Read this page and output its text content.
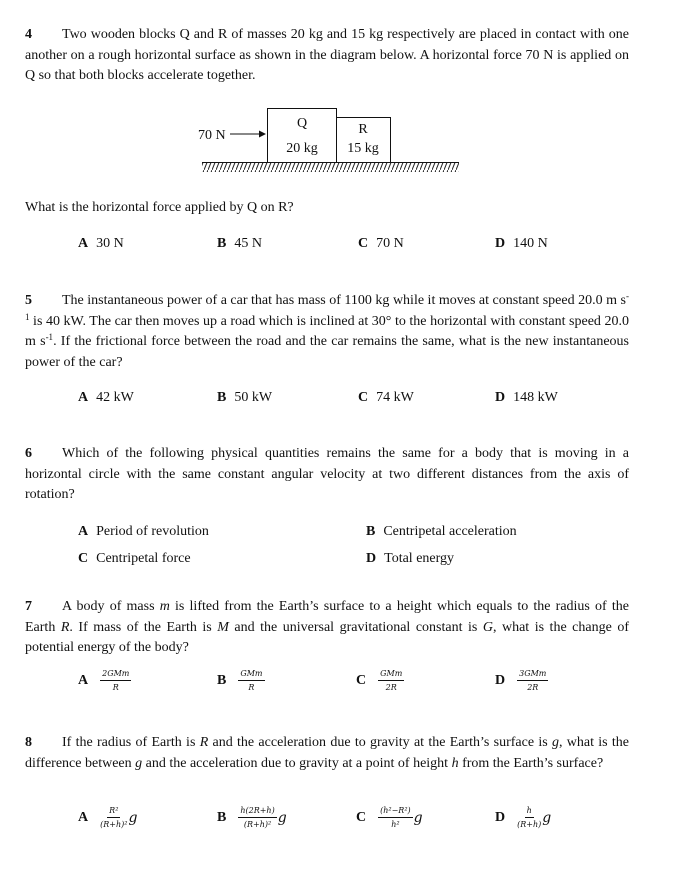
4 Two wooden blocks Q and R of masses 20 kg and 15 kg respectively are placed in contact with one another on a rough horizontal surface as shown in the diagram below. A horizontal force 70 N is applied on Q so that both blocks accelerate together.
70 N
Q
20 kg
R
15 kg
What is the horizontal force applied by Q on R?
A 30 N	B 45 N	C 70 N	D 140 N
5 The instantaneous power of a car that has mass of 1100 kg while it moves at constant speed 20.0 m $s^{-1}$ is 40 kW. The car then moves up a road which is inclined at 30° to the horizontal with constant speed 20.0 m $s^{-1}$. If the frictional force between the road and the car remains the same, what is the new instantaneous power of the car?
A 42 kW	B 50 kW	C 74 kW	D 148 kW
6 Which of the following physical quantities remains the same for a body that is moving in a horizontal circle with the same constant angular velocity at two different distances from the axis of rotation?
A Period of revolution	B Centripetal acceleration
C Centripetal force	D Total energy
7 A body of mass m is lifted from the Earth’s surface to a height which equals to the radius of the Earth R. If mass of the Earth is M and the universal gravitational constant is G, what is the change of potential energy of the body?
A $\frac{\text{2GMm}}{R}$	B $\frac{\text{GMm}}{R}$	C $\frac{\text{GMm}}{2R}$	D $\frac{\text{3GMm}}{2R}$
8 If the radius of Earth is R and the acceleration due to gravity at the Earth’s surface is g, what is the difference between g and the acceleration due to gravity at a point of height h from the Earth’s surface?
A $\frac{\text{R²}}{\text{(R+h)²}}$ g	B $\frac{h(2R+h)}{\text{(R+h)²}}$ g	C $\frac{\text{(h²−R²)}}{\text{h²}}$ g	D $\frac{h}{(R+h)}$ g
